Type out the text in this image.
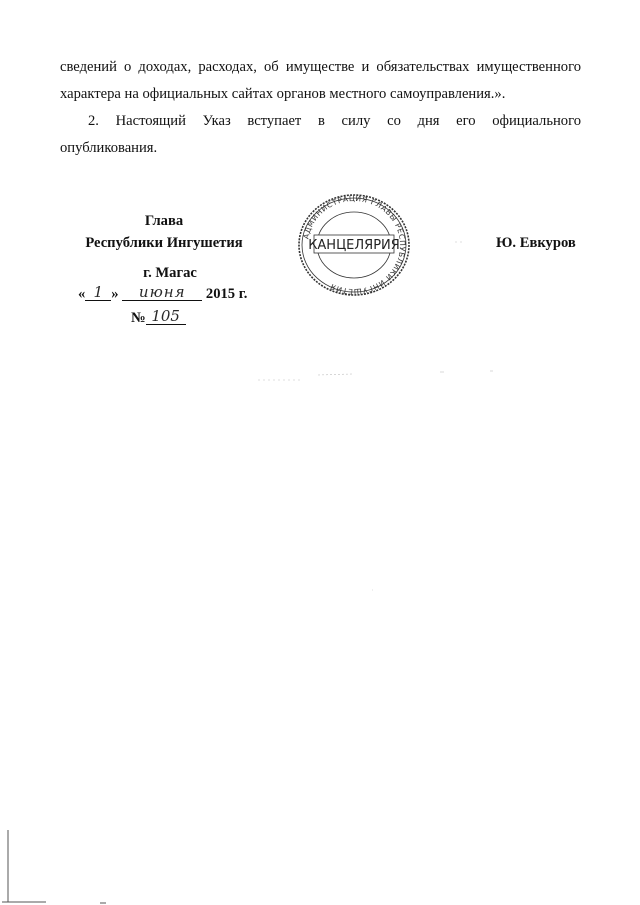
сведений о доходах, расходах, об имуществе и обязательствах имущественного
характера на официальных сайтах органов местного самоуправления.».
2. Настоящий Указ вступает в силу со дня его официального
опубликования.
Глава
Республики Ингушетия
г. Магас
Ю. Евкуров
« 1 » июня 2015 г.
№ 105
АДМИНИСТРАЦИЯ ГЛАВЫ РЕСПУБЛИКИ ИНГУШЕТИЯ
КАНЦЕЛЯРИЯ
